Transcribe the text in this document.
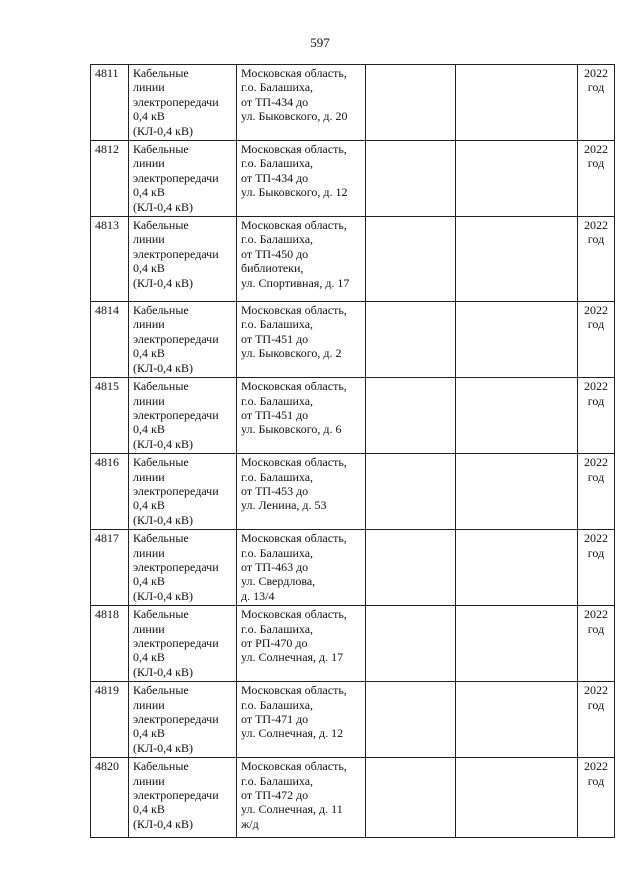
597
4811	Кабельные
линии
электропередачи
0,4 кВ
(КЛ-0,4 кВ)	Московская область,
г.о. Балашиха,
от ТП-434 до
ул. Быковского, д. 20			2022
год
4812	Кабельные
линии
электропередачи
0,4 кВ
(КЛ-0,4 кВ)	Московская область,
г.о. Балашиха,
от ТП-434 до
ул. Быковского, д. 12			2022
год
4813	Кабельные
линии
электропередачи
0,4 кВ
(КЛ-0,4 кВ)	Московская область,
г.о. Балашиха,
от ТП-450 до
библиотеки,
ул. Спортивная, д. 17			2022
год
4814	Кабельные
линии
электропередачи
0,4 кВ
(КЛ-0,4 кВ)	Московская область,
г.о. Балашиха,
от ТП-451 до
ул. Быковского, д. 2			2022
год
4815	Кабельные
линии
электропередачи
0,4 кВ
(КЛ-0,4 кВ)	Московская область,
г.о. Балашиха,
от ТП-451 до
ул. Быковского, д. 6			2022
год
4816	Кабельные
линии
электропередачи
0,4 кВ
(КЛ-0,4 кВ)	Московская область,
г.о. Балашиха,
от ТП-453 до
ул. Ленина, д. 53			2022
год
4817	Кабельные
линии
электропередачи
0,4 кВ
(КЛ-0,4 кВ)	Московская область,
г.о. Балашиха,
от ТП-463 до
ул. Свердлова,
д. 13/4			2022
год
4818	Кабельные
линии
электропередачи
0,4 кВ
(КЛ-0,4 кВ)	Московская область,
г.о. Балашиха,
от РП-470 до
ул. Солнечная, д. 17			2022
год
4819	Кабельные
линии
электропередачи
0,4 кВ
(КЛ-0,4 кВ)	Московская область,
г.о. Балашиха,
от ТП-471 до
ул. Солнечная, д. 12			2022
год
4820	Кабельные
линии
электропередачи
0,4 кВ
(КЛ-0,4 кВ)	Московская область,
г.о. Балашиха,
от ТП-472 до
ул. Солнечная, д. 11
ж/д			2022
год
